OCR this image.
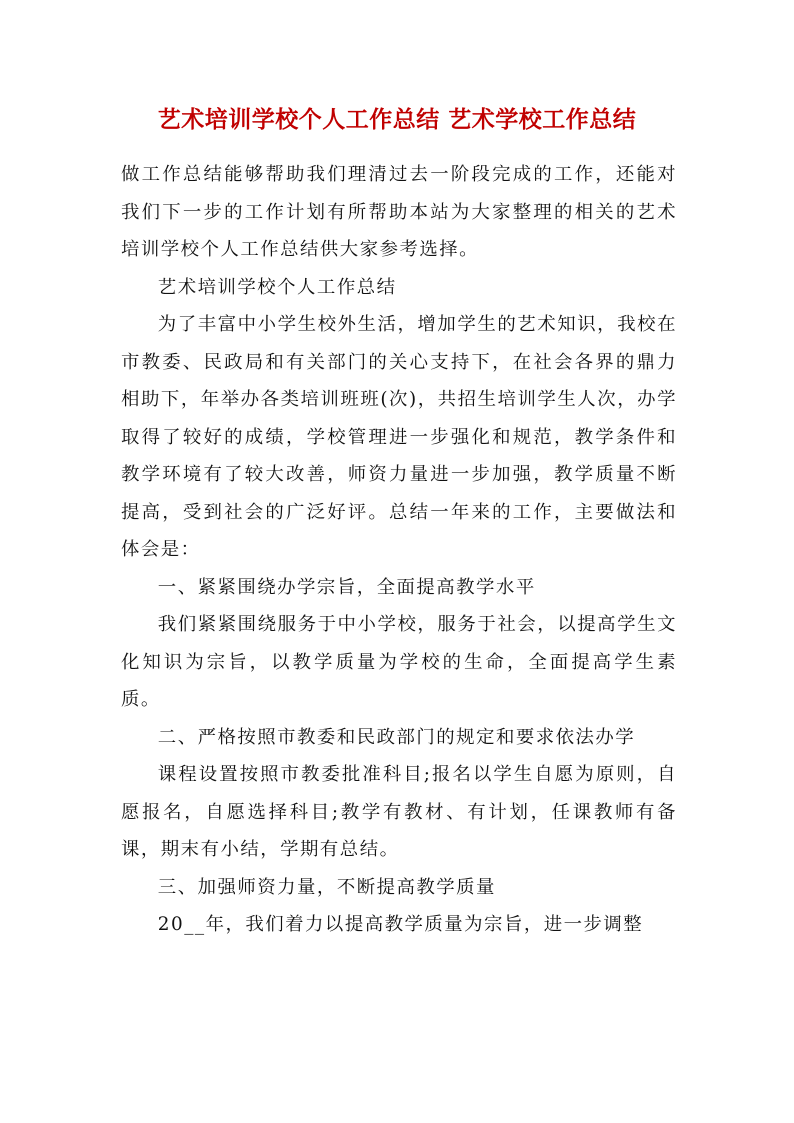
艺术培训学校个人工作总结 艺术学校工作总结

做工作总结能够帮助我们理清过去一阶段完成的工作，还能对我们下一步的工作计划有所帮助本站为大家整理的相关的艺术培训学校个人工作总结供大家参考选择。

艺术培训学校个人工作总结

为了丰富中小学生校外生活，增加学生的艺术知识，我校在市教委、民政局和有关部门的关心支持下，在社会各界的鼎力相助下，年举办各类培训班班(次)，共招生培训学生人次，办学取得了较好的成绩，学校管理进一步强化和规范，教学条件和教学环境有了较大改善，师资力量进一步加强，教学质量不断提高，受到社会的广泛好评。总结一年来的工作，主要做法和体会是：

一、紧紧围绕办学宗旨，全面提高教学水平

我们紧紧围绕服务于中小学校，服务于社会，以提高学生文化知识为宗旨，以教学质量为学校的生命，全面提高学生素质。

二、严格按照市教委和民政部门的规定和要求依法办学

课程设置按照市教委批准科目;报名以学生自愿为原则，自愿报名，自愿选择科目;教学有教材、有计划，任课教师有备课，期末有小结，学期有总结。

三、加强师资力量，不断提高教学质量

20__年，我们着力以提高教学质量为宗旨，进一步调整
